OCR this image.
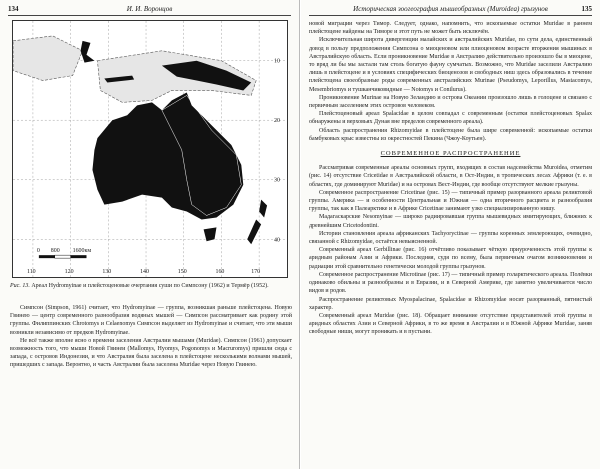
134	И. И. Воронцов
0 800 1600км
10
20
30
40
110	120	130	140	150	160	170
Рис. 13. Ареал Hydromyinae и плейстоценовые очертания суши по Симпсону (1962) и Термёр (1952).

Симпсон (Simpson, 1961) считает, что Hydromyinae — группа, возникшая раньше плейстоцена. Новую Гвинею — центр современного разнообразия водяных мышей — Симпсон рассматривает как родину этой группы. Филиппинских Chrotomys и Celaenomys Симпсон выделяет из Hydromyinae и считает, что эти мыши возникли независимо от предков Hydromyinae.

Не всё также вполне ясно о времени заселения Австралии мышами (Muridae). Симпсон (1961) допускает возможность того, что мыши Новой Гвинеи (Mallomys, Hyomys, Pogonomys и Macruromys) пришли сюда с запада, с островов Индонезии, и что Австралия была заселена в плейстоцене несколькими волнами мышей, пришедших с запада. Вероятно, и часть Австралии была заселена Muridae через Новую Гвинею.

Историческая зоогеография мышеобразных (Muroidea) грызунов	135

новой миграции через Тимор. Следует, однако, напомнить, что ископаемые остатки Muridae в раннем плейстоцене найдены на Тиморе и этот путь не может быть исключён.

Исключительная широта дивергенции малайских и австралийских Muridae, по сути дела, единственный довод в пользу предположения Симпсона о миоценовом или плиоценовом возрасте вторжения мышиных в Австралийскую область. Если проникновение Muridae в Австралию действительно произошло бы в миоцене, то вряд ли бы мы застали там столь богатую фауну сумчатых. Возможно, что Muridae заселили Австралию лишь в плейстоцене и в условиях специфических биоценозов и свободных ниш здесь образовались в течение плейстоцена своеобразные роды современных австралийских Murinae (Pseudomys, Leporillus, Mastacomys, Mesembriomys и тушканчиковидные — Notomys и Conilurus).

Проникновение Murinae на Новую Зеландию и острова Океании произошло лишь в голоцене и связано с первичным заселением этих островов человеком.

Плейстоценовый ареал Spalacidae в целом совпадал с современным (остатки плейстоценовых Spalax обнаружены и верховьях Дуная вне пределов современного ареала).

Область распространения Rhizomyidae в плейстоцене была шире современной: ископаемые остатки бамбуковых крыс известны из окрестностей Пекина (Чжоу-Коутьен).

СОВРЕМЕННОЕ РАСПРОСТРАНЕНИЕ

Рассматривая современные ареалы основных групп, входящих в состав надсемейства Muroidea, отметим (рис. 14) отсутствие Cricetidae в Австралийской области, в Ост-Индии, в тропических лесах Африки (т. е. в областях, где доминируют Muridae) и на островах Вест-Индии, где вообще отсутствуют мелкие грызуны.

Современное распространение Cricetinae (рис. 15) — типичный пример разорванного ареала реликтовой группы. Америка — и особенности Центральная и Южная — одна вторичного расцвета и разнообразия группы, так как в Палеарктике и в Африке Cricetinae занимают узко специализированную нишу.

Мадагаскарские Nesomyinae — широко радиировавшая группа мышевидных имитирующих, ближних к древнейшим Cricetodontini.

Истории становления ареала африканских Tachyoryctinae — группы коренных землероющих, очевидно, связанной с Rhizomyidae, остаётся невыясненной.

Современный ареал Gerbillinae (рис. 16) отчётливо показывает чёткую приуроченность этой группы к аридным районам Азии и Африки. Последняя, судя по всему, была первичным очагом возникновения и радиации этой сравнительно генетически молодой группы грызунов.

Современное распространение Microtinae (рис. 17) — типичный пример голарктического ареала. Полёвки одинаково обильны и разнообразны и в Евразии, и в Северной Америке, где заметно увеличивается число видов и родов.

Распространение реликтовых Myospalacinae, Spalacidae и Rhizomyidae носит разорванный, пятнистый характер.

Современный ареал Muridae (рис. 18). Обращает внимание отсутствие представителей этой группы в аридных областях Азии и Северной Африки, в то же время в Австралии и в Южной Африке Muridae, заняв свободные ниши, могут проникать и в пустыни.
